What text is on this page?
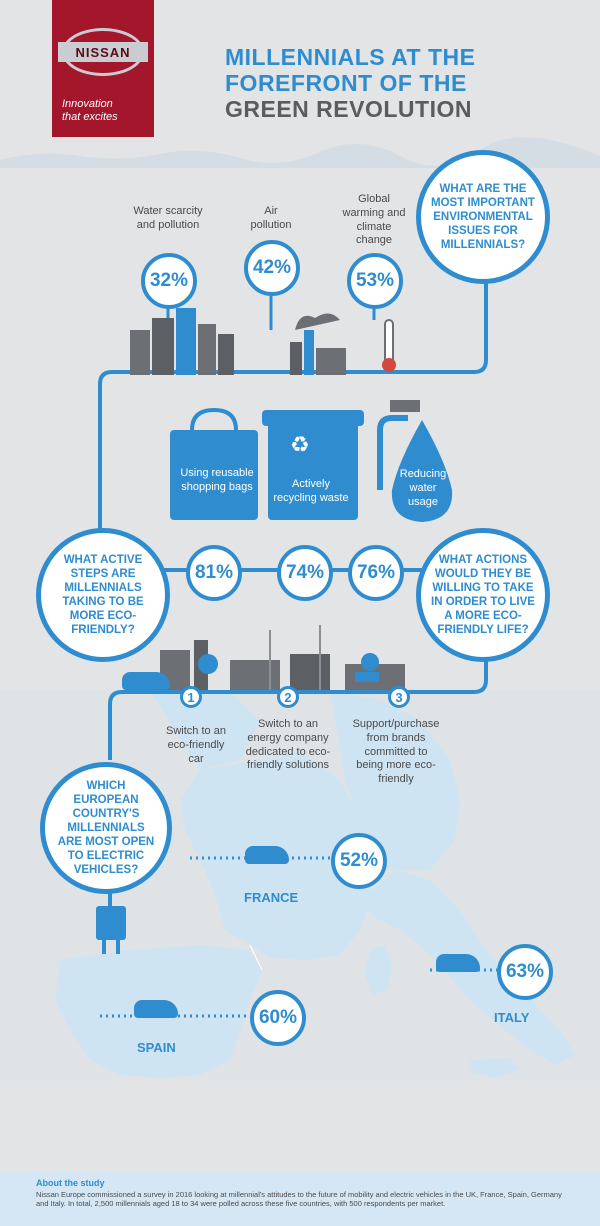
NISSAN
Innovation
that excites
MILLENNIALS AT THE
FOREFRONT OF THE
GREEN REVOLUTION
Water scarcity and pollution
Air pollution
Global warming and climate change
32%
42%
53%
WHAT ARE THE MOST IMPORTANT ENVIRONMENTAL ISSUES FOR MILLENNIALS?
♻
Using reusable shopping bags	Actively recycling waste
Reducing water usage
81%	74% 76%
WHAT ACTIVE STEPS ARE MILLENNIALS TAKING TO BE MORE ECO-FRIENDLY?
WHAT ACTIONS WOULD THEY BE WILLING TO TAKE IN ORDER TO LIVE A MORE ECO-FRIENDLY LIFE?
1	2	3
Switch to an eco-friendly car
Switch to an energy company dedicated to eco-friendly solutions
Support/purchase from brands committed to being more eco-friendly
WHICH EUROPEAN COUNTRY'S MILLENNIALS ARE MOST OPEN TO ELECTRIC VEHICLES?	52%
63%
60%
FRANCE
ITALY
SPAIN
About the study
Nissan Europe commissioned a survey in 2016 looking at millennial's attitudes to the future of mobility and electric vehicles in the UK, France, Spain, Germany and Italy. In total, 2,500 millennials aged 18 to 34 were polled across these five countries, with 500 respondents per market.
